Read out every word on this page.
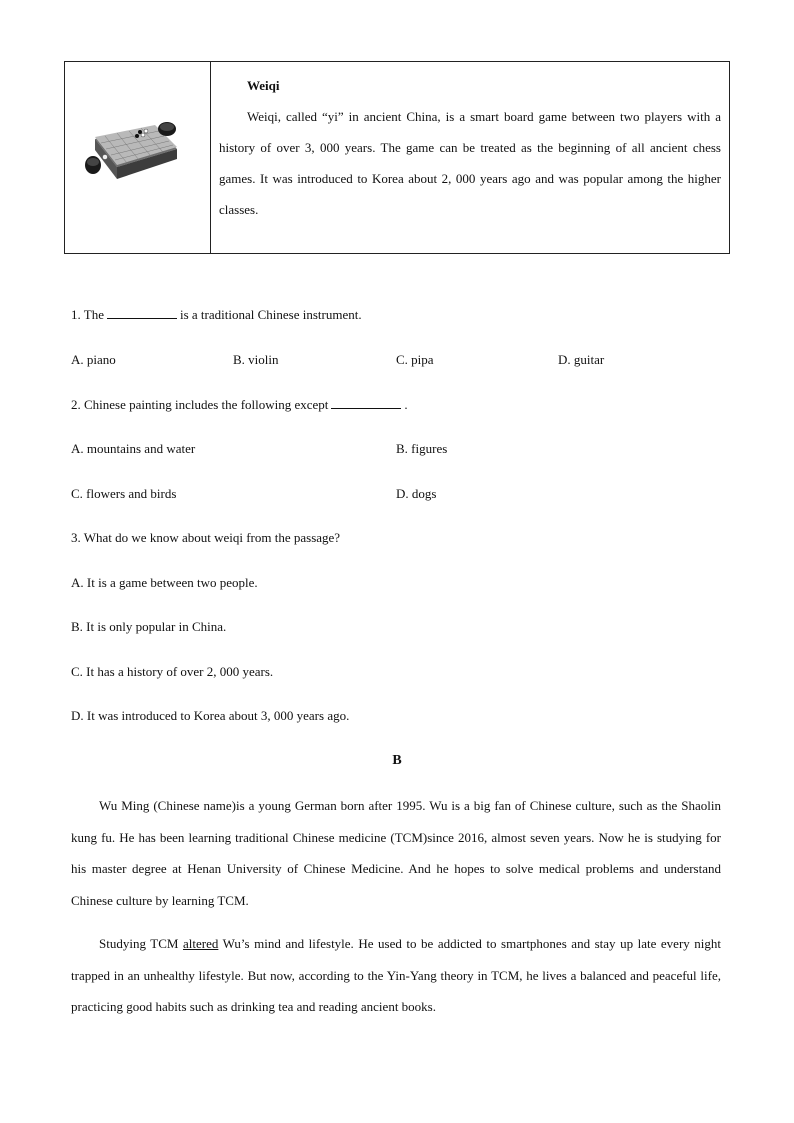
Weiqi

Weiqi, called “yi” in ancient China, is a smart board game between two players with a history of over 3, 000 years. The game can be treated as the beginning of all ancient chess games. It was introduced to Korea about 2, 000 years ago and was popular among the higher classes.

1. The	is a traditional Chinese instrument.
A. piano	B. violin	C. pipa	D. guitar
2. Chinese painting includes the following except	.
A. mountains and water	B. figures
C. flowers and birds	D. dogs
3. What do we know about weiqi from the passage?
A. It is a game between two people.
B. It is only popular in China.
C. It has a history of over 2, 000 years.
D. It was introduced to Korea about 3, 000 years ago.
B

Wu Ming (Chinese name)is a young German born after 1995. Wu is a big fan of Chinese culture, such as the Shaolin kung fu. He has been learning traditional Chinese medicine (TCM)since 2016, almost seven years. Now he is studying for his master degree at Henan University of Chinese Medicine. And he hopes to solve medical problems and understand Chinese culture by learning TCM.

Studying TCM altered Wu’s mind and lifestyle. He used to be addicted to smartphones and stay up late every night trapped in an unhealthy lifestyle. But now, according to the Yin-Yang theory in TCM, he lives a balanced and peaceful life, practicing good habits such as drinking tea and reading ancient books.
